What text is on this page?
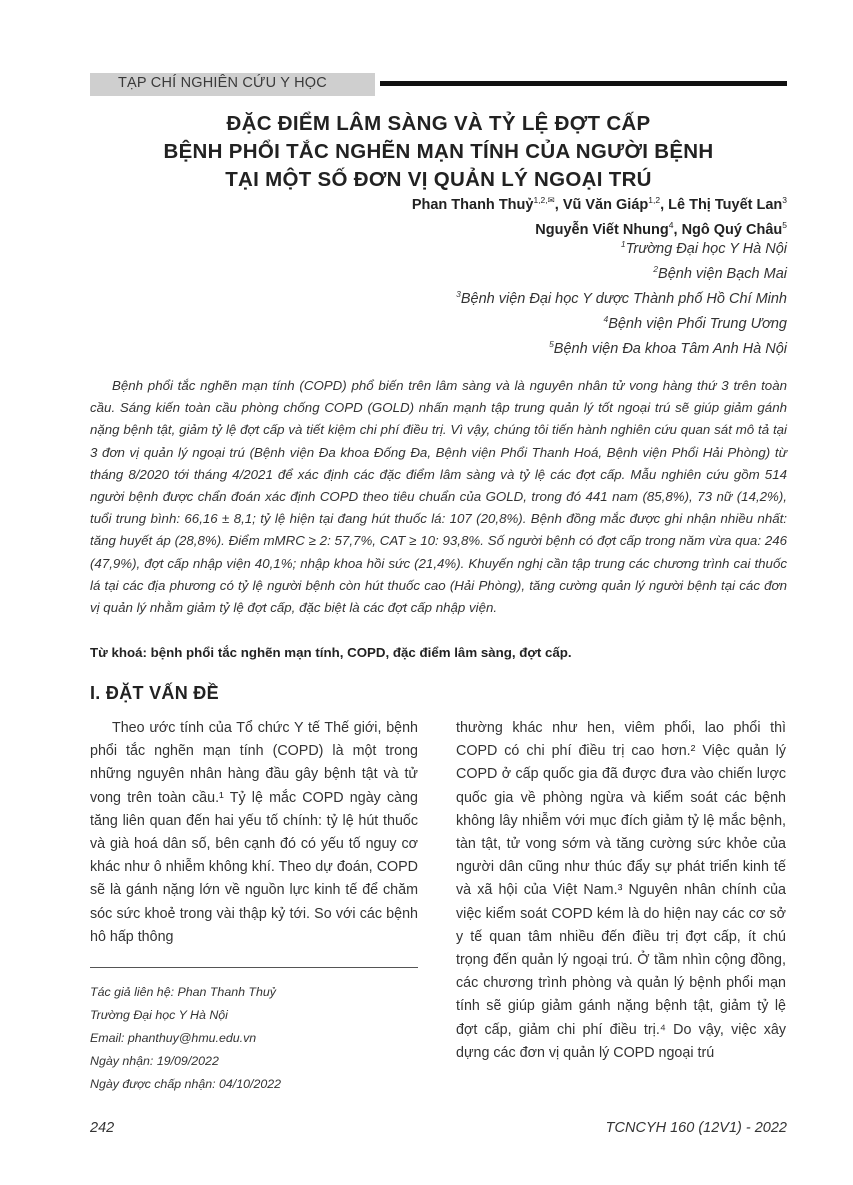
TẠP CHÍ NGHIÊN CỨU Y HỌC
ĐẶC ĐIỂM LÂM SÀNG VÀ TỶ LỆ ĐỢT CẤP
BỆNH PHỔI TẮC NGHẼN MẠN TÍNH CỦA NGƯỜI BỆNH
TẠI MỘT SỐ ĐƠN VỊ QUẢN LÝ NGOẠI TRÚ
Phan Thanh Thuỷ$^{1,2,✉}$, Vũ Văn Giáp$^{1,2}$, Lê Thị Tuyết Lan$^3$
Nguyễn Viết Nhung$^4$, Ngô Quý Châu$^5$
$^1$Trường Đại học Y Hà Nội
$^2$Bệnh viện Bạch Mai
$^3$Bệnh viện Đại học Y dược Thành phố Hồ Chí Minh
$^4$Bệnh viện Phổi Trung Ương
$^5$Bệnh viện Đa khoa Tâm Anh Hà Nội

Bệnh phổi tắc nghẽn mạn tính (COPD) phổ biến trên lâm sàng và là nguyên nhân tử vong hàng thứ 3 trên toàn cầu. Sáng kiến toàn cầu phòng chống COPD (GOLD) nhấn mạnh tập trung quản lý tốt ngoại trú sẽ giúp giảm gánh nặng bệnh tật, giảm tỷ lệ đợt cấp và tiết kiệm chi phí điều trị. Vì vậy, chúng tôi tiến hành nghiên cứu quan sát mô tả tại 3 đơn vị quản lý ngoại trú (Bệnh viện Đa khoa Đống Đa, Bệnh viện Phổi Thanh Hoá, Bệnh viện Phổi Hải Phòng) từ tháng 8/2020 tới tháng 4/2021 để xác định các đặc điểm lâm sàng và tỷ lệ các đợt cấp. Mẫu nghiên cứu gồm 514 người bệnh được chẩn đoán xác định COPD theo tiêu chuẩn của GOLD, trong đó 441 nam (85,8%), 73 nữ (14,2%), tuổi trung bình: 66,16 ± 8,1; tỷ lệ hiện tại đang hút thuốc lá: 107 (20,8%). Bệnh đồng mắc được ghi nhận nhiều nhất: tăng huyết áp (28,8%). Điểm mMRC ≥ 2: 57,7%, CAT ≥ 10: 93,8%. Số người bệnh có đợt cấp trong năm vừa qua: 246 (47,9%), đợt cấp nhập viện 40,1%; nhập khoa hồi sức (21,4%). Khuyến nghị cần tập trung các chương trình cai thuốc lá tại các địa phương có tỷ lệ người bệnh còn hút thuốc cao (Hải Phòng), tăng cường quản lý người bệnh tại các đơn vị quản lý nhằm giảm tỷ lệ đợt cấp, đặc biệt là các đợt cấp nhập viện.

Từ khoá: bệnh phổi tắc nghẽn mạn tính, COPD, đặc điểm lâm sàng, đợt cấp.
I. ĐẶT VẤN ĐỀ

Theo ước tính của Tổ chức Y tế Thế giới, bệnh phổi tắc nghẽn mạn tính (COPD) là một trong những nguyên nhân hàng đầu gây bệnh tật và tử vong trên toàn cầu.¹ Tỷ lệ mắc COPD ngày càng tăng liên quan đến hai yếu tố chính: tỷ lệ hút thuốc và già hoá dân số, bên cạnh đó có yếu tố nguy cơ khác như ô nhiễm không khí. Theo dự đoán, COPD sẽ là gánh nặng lớn về nguồn lực kinh tế để chăm sóc sức khoẻ trong vài thập kỷ tới. So với các bệnh hô hấp thông

thường khác như hen, viêm phổi, lao phổi thì COPD có chi phí điều trị cao hơn.² Việc quản lý COPD ở cấp quốc gia đã được đưa vào chiến lược quốc gia về phòng ngừa và kiểm soát các bệnh không lây nhiễm với mục đích giảm tỷ lệ mắc bệnh, tàn tật, tử vong sớm và tăng cường sức khỏe của người dân cũng như thúc đẩy sự phát triển kinh tế và xã hội của Việt Nam.³ Nguyên nhân chính của việc kiểm soát COPD kém là do hiện nay các cơ sở y tế quan tâm nhiều đến điều trị đợt cấp, ít chú trọng đến quản lý ngoại trú. Ở tầm nhìn cộng đồng, các chương trình phòng và quản lý bệnh phổi mạn tính sẽ giúp giảm gánh nặng bệnh tật, giảm tỷ lệ đợt cấp, giảm chi phí điều trị.⁴ Do vậy, việc xây dựng các đơn vị quản lý COPD ngoại trú

Tác giả liên hệ: Phan Thanh Thuỷ
Trường Đại học Y Hà Nội
Email: phanthuy@hmu.edu.vn
Ngày nhận: 19/09/2022
Ngày được chấp nhận: 04/10/2022
242	TCNCYH 160 (12V1) - 2022
